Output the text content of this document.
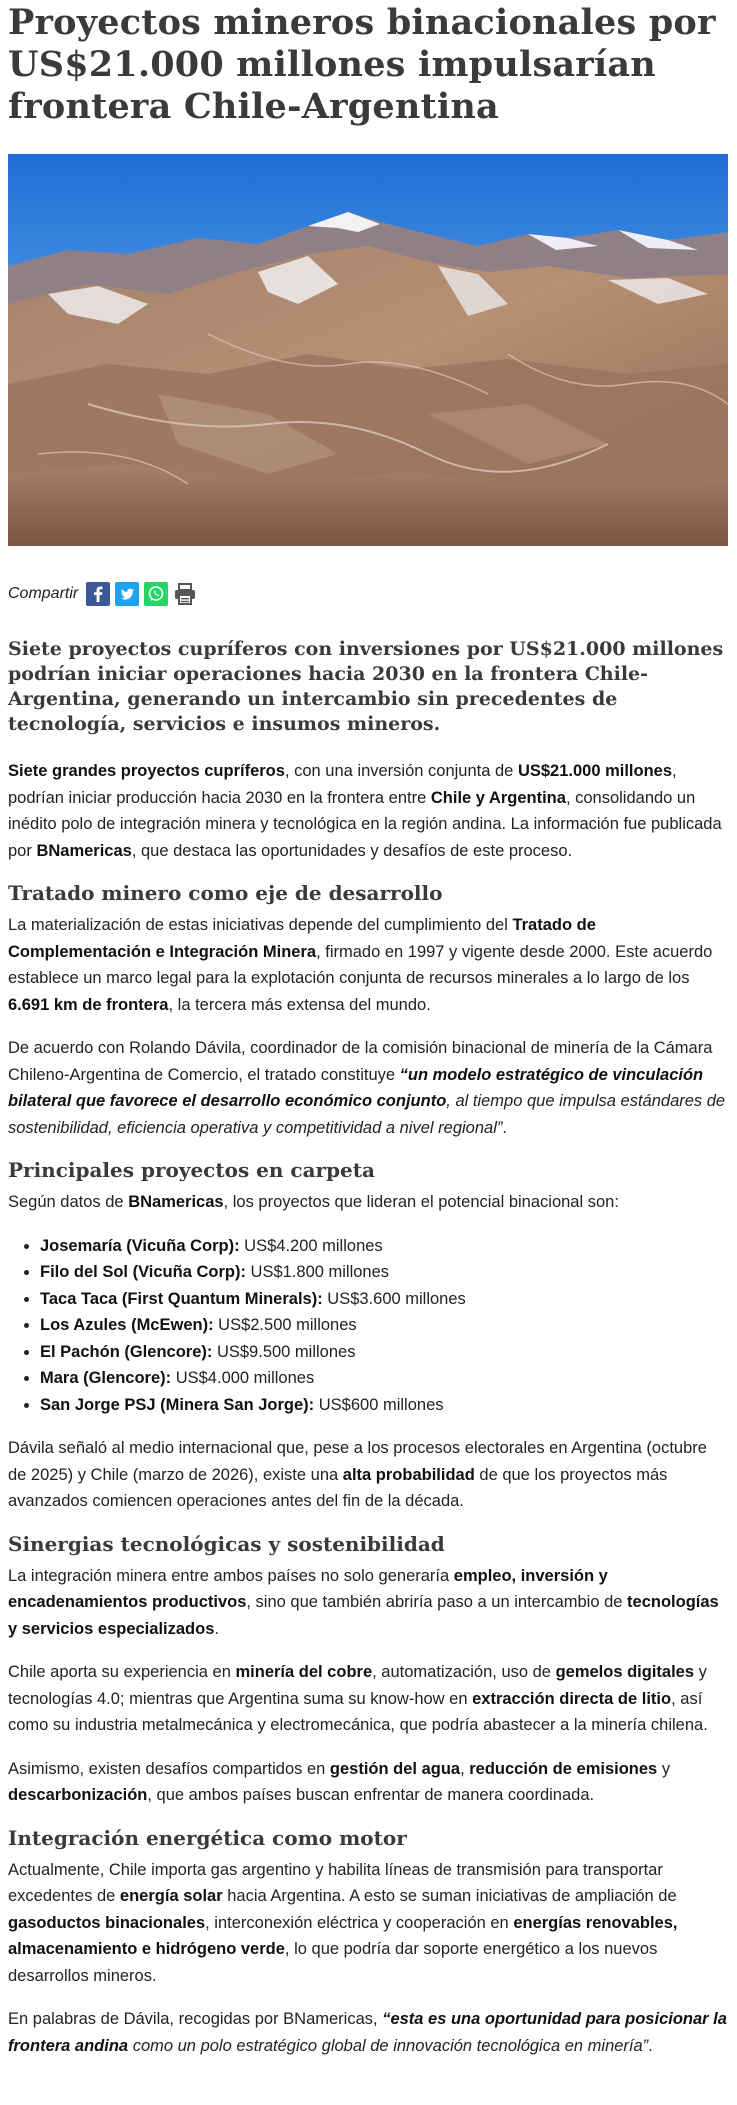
Proyectos mineros binacionales por US$21.000 millones impulsarían frontera Chile-Argentina
Compartir
Siete proyectos cupríferos con inversiones por US$21.000 millones podrían iniciar operaciones hacia 2030 en la frontera Chile-Argentina, generando un intercambio sin precedentes de tecnología, servicios e insumos mineros.

Siete grandes proyectos cupríferos, con una inversión conjunta de US$21.000 millones, podrían iniciar producción hacia 2030 en la frontera entre Chile y Argentina, consolidando un inédito polo de integración minera y tecnológica en la región andina. La información fue publicada por BNamericas, que destaca las oportunidades y desafíos de este proceso.

Tratado minero como eje de desarrollo

La materialización de estas iniciativas depende del cumplimiento del Tratado de Complementación e Integración Minera, firmado en 1997 y vigente desde 2000. Este acuerdo establece un marco legal para la explotación conjunta de recursos minerales a lo largo de los 6.691 km de frontera, la tercera más extensa del mundo.

De acuerdo con Rolando Dávila, coordinador de la comisión binacional de minería de la Cámara Chileno-Argentina de Comercio, el tratado constituye “un modelo estratégico de vinculación bilateral que favorece el desarrollo económico conjunto, al tiempo que impulsa estándares de sostenibilidad, eficiencia operativa y competitividad a nivel regional”.

Principales proyectos en carpeta

Según datos de BNamericas, los proyectos que lideran el potencial binacional son:

• Josemaría (Vicuña Corp): US$4.200 millones
• Filo del Sol (Vicuña Corp): US$1.800 millones
• Taca Taca (First Quantum Minerals): US$3.600 millones
• Los Azules (McEwen): US$2.500 millones
• El Pachón (Glencore): US$9.500 millones
• Mara (Glencore): US$4.000 millones
• San Jorge PSJ (Minera San Jorge): US$600 millones

Dávila señaló al medio internacional que, pese a los procesos electorales en Argentina (octubre de 2025) y Chile (marzo de 2026), existe una alta probabilidad de que los proyectos más avanzados comiencen operaciones antes del fin de la década.

Sinergias tecnológicas y sostenibilidad

La integración minera entre ambos países no solo generaría empleo, inversión y encadenamientos productivos, sino que también abriría paso a un intercambio de tecnologías y servicios especializados.

Chile aporta su experiencia en minería del cobre, automatización, uso de gemelos digitales y tecnologías 4.0; mientras que Argentina suma su know-how en extracción directa de litio, así como su industria metalmecánica y electromecánica, que podría abastecer a la minería chilena.

Asimismo, existen desafíos compartidos en gestión del agua, reducción de emisiones y descarbonización, que ambos países buscan enfrentar de manera coordinada.

Integración energética como motor

Actualmente, Chile importa gas argentino y habilita líneas de transmisión para transportar excedentes de energía solar hacia Argentina. A esto se suman iniciativas de ampliación de gasoductos binacionales, interconexión eléctrica y cooperación en energías renovables, almacenamiento e hidrógeno verde, lo que podría dar soporte energético a los nuevos desarrollos mineros.

En palabras de Dávila, recogidas por BNamericas, “esta es una oportunidad para posicionar la frontera andina como un polo estratégico global de innovación tecnológica en minería”.
